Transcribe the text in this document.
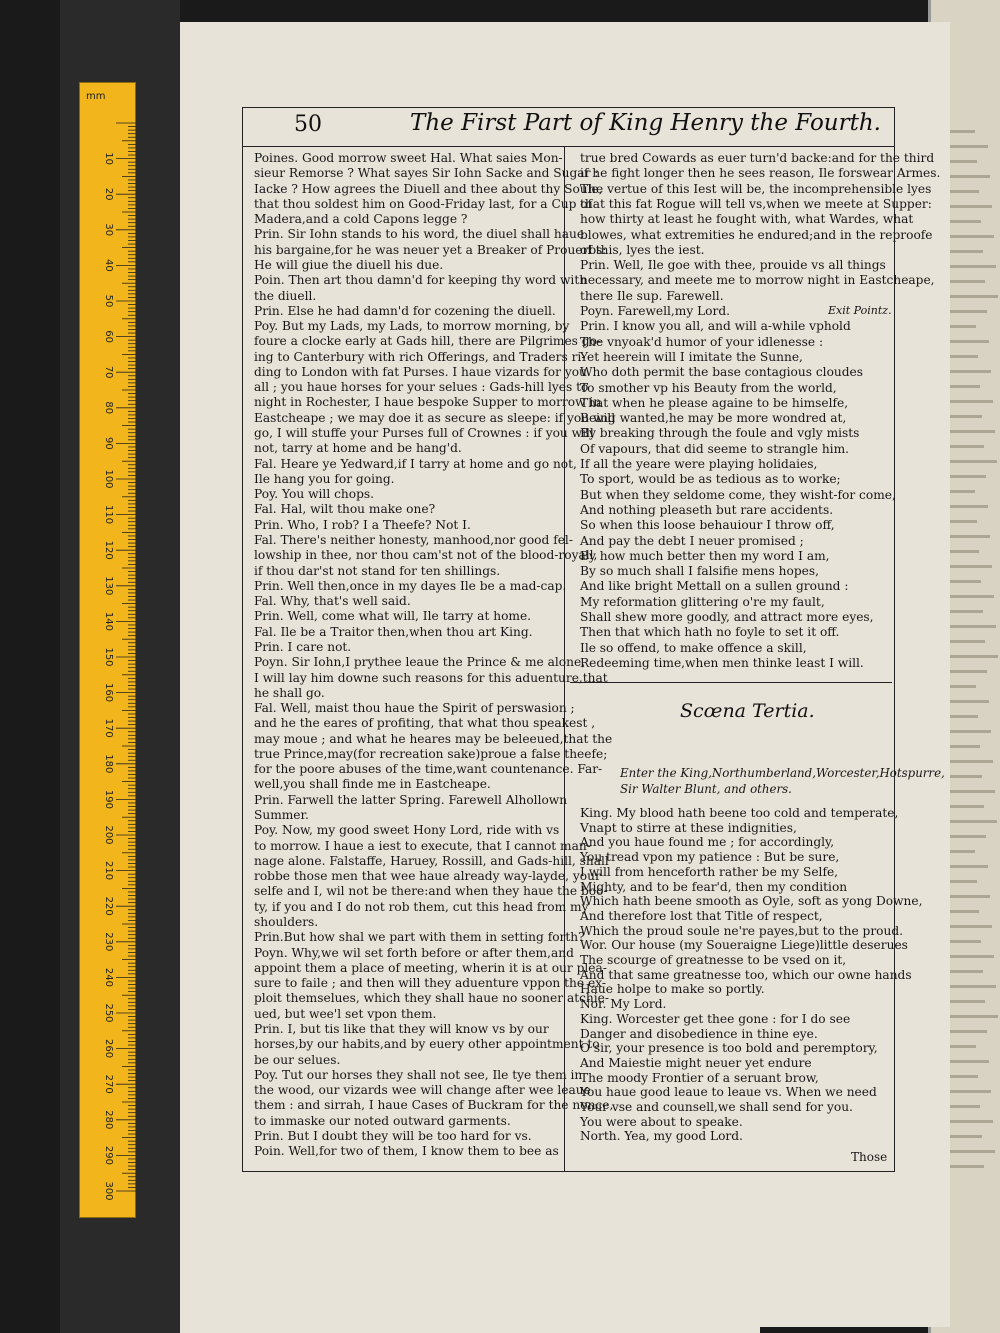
mm
10
20
30
40
50
60
70
80
90
100
110
120
130
140
150
160
170
180
190
200
210
220
230
240
250
260
270
280
290
300
50	The First Part of King Henry the Fourth.
Poines. Good morrow sweet Hal. What saies Mon-
sieur Remorse ? What sayes Sir Iohn Sacke and Sugar :
Iacke ? How agrees the Diuell and thee about thy Soule,
that thou soldest him on Good-Friday last, for a Cup of
Madera,and a cold Capons legge ?
Prin. Sir Iohn stands to his word, the diuel shall haue
his bargaine,for he was neuer yet a Breaker of Prouerbs:
He will giue the diuell his due.
Poin. Then art thou damn'd for keeping thy word with
the diuell.
Prin. Else he had damn'd for cozening the diuell.
Poy. But my Lads, my Lads, to morrow morning, by
foure a clocke early at Gads hill, there are Pilgrimes go-
ing to Canterbury with rich Offerings, and Traders ri-
ding to London with fat Purses. I haue vizards for you
all ; you haue horses for your selues : Gads-hill lyes to
night in Rochester, I haue bespoke Supper to morrow in
Eastcheape ; we may doe it as secure as sleepe: if you will
go, I will stuffe your Purses full of Crownes : if you will
not, tarry at home and be hang'd.
Fal. Heare ye Yedward,if I tarry at home and go not,
Ile hang you for going.
Poy. You will chops.
Fal. Hal, wilt thou make one?
Prin. Who, I rob? I a Theefe? Not I.
Fal. There's neither honesty, manhood,nor good fel-
lowship in thee, nor thou cam'st not of the blood-royall,
if thou dar'st not stand for ten shillings.
Prin. Well then,once in my dayes Ile be a mad-cap.
Fal. Why, that's well said.
Prin. Well, come what will, Ile tarry at home.
Fal. Ile be a Traitor then,when thou art King.
Prin. I care not.
Poyn. Sir Iohn,I prythee leaue the Prince & me alone,
I will lay him downe such reasons for this aduenture,that
he shall go.
Fal. Well, maist thou haue the Spirit of perswasion ;
and he the eares of profiting, that what thou speakest ,
may moue ; and what he heares may be beleeued,that the
true Prince,may(for recreation sake)proue a false theefe;
for the poore abuses of the time,want countenance. Far-
well,you shall finde me in Eastcheape.
Prin. Farwell the latter Spring. Farewell Alhollown
Summer.
Poy. Now, my good sweet Hony Lord, ride with vs
to morrow. I haue a iest to execute, that I cannot man-
nage alone. Falstaffe, Haruey, Rossill, and Gads-hill, shall
robbe those men that wee haue already way-layde, your
selfe and I, wil not be there:and when they haue the boo-
ty, if you and I do not rob them, cut this head from my
shoulders.
Prin.But how shal we part with them in setting forth?
Poyn. Why,we wil set forth before or after them,and
appoint them a place of meeting, wherin it is at our plea-
sure to faile ; and then will they aduenture vppon the ex-
ploit themselues, which they shall haue no sooner atchie-
ued, but wee'l set vpon them.
Prin. I, but tis like that they will know vs by our
horses,by our habits,and by euery other appointment to
be our selues.
Poy. Tut our horses they shall not see, Ile tye them in
the wood, our vizards wee will change after wee leaue
them : and sirrah, I haue Cases of Buckram for the nonce,
to immaske our noted outward garments.
Prin. But I doubt they will be too hard for vs.
Poin. Well,for two of them, I know them to bee as
true bred Cowards as euer turn'd backe:and for the third
if he fight longer then he sees reason, Ile forswear Armes.
The vertue of this Iest will be, the incomprehensible lyes
that this fat Rogue will tell vs,when we meete at Supper:
how thirty at least he fought with, what Wardes, what
blowes, what extremities he endured;and in the reproofe
of this, lyes the iest.
Prin. Well, Ile goe with thee, prouide vs all things
necessary, and meete me to morrow night in Eastcheape,
there Ile sup. Farewell.
Poyn. Farewell,my Lord.
Prin. I know you all, and will a-while vphold
The vnyoak'd humor of your idlenesse :
Yet heerein will I imitate the Sunne,
Who doth permit the base contagious cloudes
To smother vp his Beauty from the world,
That when he please againe to be himselfe,
Being wanted,he may be more wondred at,
By breaking through the foule and vgly mists
Of vapours, that did seeme to strangle him.
If all the yeare were playing holidaies,
To sport, would be as tedious as to worke;
But when they seldome come, they wisht-for come,
And nothing pleaseth but rare accidents.
So when this loose behauiour I throw off,
And pay the debt I neuer promised ;
By how much better then my word I am,
By so much shall I falsifie mens hopes,
And like bright Mettall on a sullen ground :
My reformation glittering o're my fault,
Shall shew more goodly, and attract more eyes,
Then that which hath no foyle to set it off.
Ile so offend, to make offence a skill,
Redeeming time,when men thinke least I will.
Exit Pointz.
Scœna Tertia.
Enter the King,Northumberland,Worcester,Hotspurre,
Sir Walter Blunt, and others.
King. My blood hath beene too cold and temperate,
Vnapt to stirre at these indignities,
And you haue found me ; for accordingly,
You tread vpon my patience : But be sure,
I will from henceforth rather be my Selfe,
Mighty, and to be fear'd, then my condition
Which hath beene smooth as Oyle, soft as yong Downe,
And therefore lost that Title of respect,
Which the proud soule ne're payes,but to the proud.
Wor. Our house (my Soueraigne Liege)little deserues
The scourge of greatnesse to be vsed on it,
And that same greatnesse too, which our owne hands
Haue holpe to make so portly.
Nor. My Lord.
King. Worcester get thee gone : for I do see
Danger and disobedience in thine eye.
O sir, your presence is too bold and peremptory,
And Maiestie might neuer yet endure
The moody Frontier of a seruant brow,
You haue good leaue to leaue vs. When we need
Your vse and counsell,we shall send for you.
You were about to speake.
North. Yea, my good Lord.
Those
